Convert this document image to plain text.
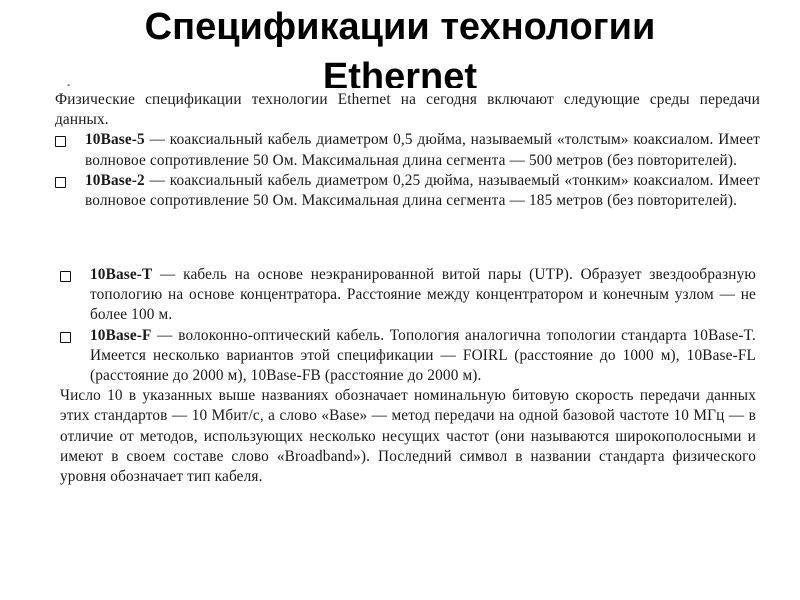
Спецификации технологии
Ethernet
-

Физические спецификации технологии Ethernet на сегодня включают следующие среды передачи данных.

10Base-5 — коаксиальный кабель диаметром 0,5 дюйма, называемый «толстым» коаксиалом. Имеет волновое сопротивление 50 Ом. Максимальная длина сегмента — 500 метров (без повторителей).

10Base-2 — коаксиальный кабель диаметром 0,25 дюйма, называемый «тонким» коаксиалом. Имеет волновое сопротивление 50 Ом. Максимальная длина сегмента — 185 метров (без повторителей).

10Base-T — кабель на основе неэкранированной витой пары (UTP). Образует звездообразную топологию на основе концентратора. Расстояние между концентратором и конечным узлом — не более 100 м.

10Base-F — волоконно-оптический кабель. Топология аналогична топологии стандарта 10Base-T. Имеется несколько вариантов этой спецификации — FOIRL (расстояние до 1000 м), 10Base-FL (расстояние до 2000 м), 10Base-FB (расстояние до 2000 м).

Число 10 в указанных выше названиях обозначает номинальную битовую скорость передачи данных этих стандартов — 10 Мбит/с, а слово «Base» — метод передачи на одной базовой частоте 10 МГц — в отличие от методов, использующих несколько несущих частот (они называются широкополосными и имеют в своем составе слово «Broadband»). Последний символ в названии стандарта физического уровня обозначает тип кабеля.
